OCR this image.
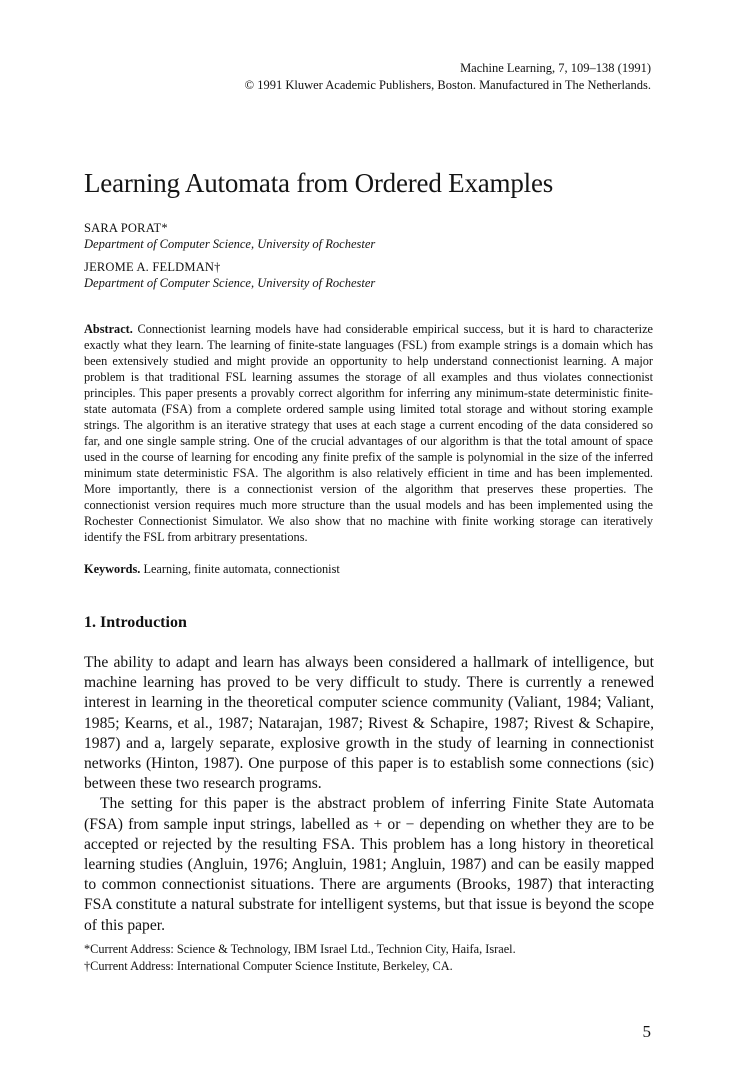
Machine Learning, 7, 109–138 (1991)
© 1991 Kluwer Academic Publishers, Boston. Manufactured in The Netherlands.
Learning Automata from Ordered Examples
SARA PORAT*
Department of Computer Science, University of Rochester
JEROME A. FELDMAN†
Department of Computer Science, University of Rochester
Abstract. Connectionist learning models have had considerable empirical success, but it is hard to characterize exactly what they learn. The learning of finite-state languages (FSL) from example strings is a domain which has been extensively studied and might provide an opportunity to help understand connectionist learning. A major problem is that traditional FSL learning assumes the storage of all examples and thus violates connectionist principles. This paper presents a provably correct algorithm for inferring any minimum-state deterministic finite-state automata (FSA) from a complete ordered sample using limited total storage and without storing example strings. The algorithm is an iterative strategy that uses at each stage a current encoding of the data considered so far, and one single sample string. One of the crucial advantages of our algorithm is that the total amount of space used in the course of learning for encoding any finite prefix of the sample is polynomial in the size of the inferred minimum state deterministic FSA. The algorithm is also relatively efficient in time and has been implemented. More importantly, there is a connectionist version of the algorithm that preserves these properties. The connectionist version requires much more structure than the usual models and has been implemented using the Rochester Connectionist Simulator. We also show that no machine with finite working storage can iteratively identify the FSL from arbitrary presentations.
Keywords. Learning, finite automata, connectionist
1. Introduction

The ability to adapt and learn has always been considered a hallmark of intelligence, but machine learning has proved to be very difficult to study. There is currently a renewed interest in learning in the theoretical computer science community (Valiant, 1984; Valiant, 1985; Kearns, et al., 1987; Natarajan, 1987; Rivest & Schapire, 1987; Rivest & Schapire, 1987) and a, largely separate, explosive growth in the study of learning in connectionist networks (Hinton, 1987). One purpose of this paper is to establish some connections (sic) between these two research programs.

The setting for this paper is the abstract problem of inferring Finite State Automata (FSA) from sample input strings, labelled as + or − depending on whether they are to be accepted or rejected by the resulting FSA. This problem has a long history in theoretical learning studies (Angluin, 1976; Angluin, 1981; Angluin, 1987) and can be easily mapped to common connectionist situations. There are arguments (Brooks, 1987) that interacting FSA constitute a natural substrate for intelligent systems, but that issue is beyond the scope of this paper.

*Current Address: Science & Technology, IBM Israel Ltd., Technion City, Haifa, Israel.
†Current Address: International Computer Science Institute, Berkeley, CA.
5
